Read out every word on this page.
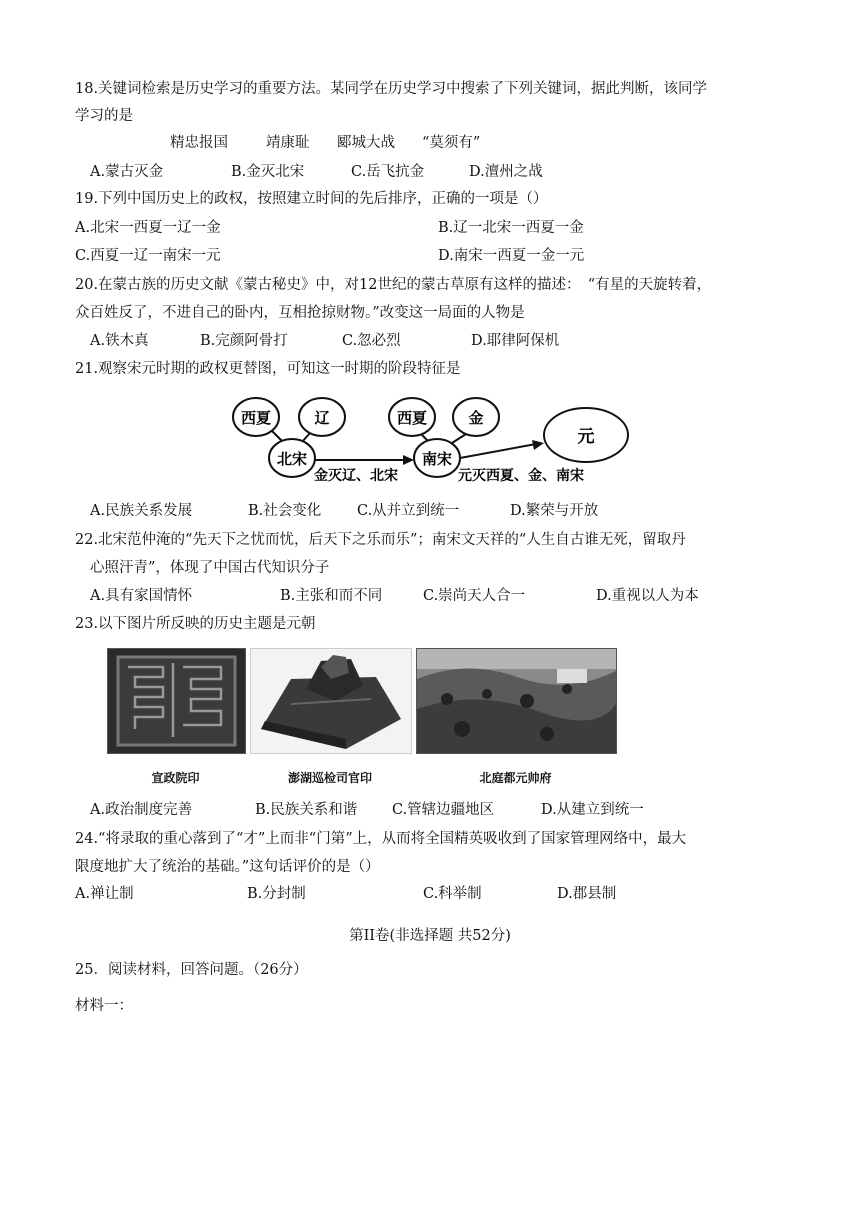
18.关键词检索是历史学习的重要方法。某同学在历史学习中搜索了下列关键词，据此判断，该同学
学习的是
精忠报国	靖康耻 郾城大战 “莫须有”
A.蒙古灭金	B.金灭北宋	C.岳飞抗金	D.澶州之战
19.下列中国历史上的政权，按照建立时间的先后排序，正确的一项是（）
A.北宋一西夏一辽一金	B.辽一北宋一西夏一金
C.西夏一辽一南宋一元	D.南宋一西夏一金一元
20.在蒙古族的历史文献《蒙古秘史》中，对12世纪的蒙古草原有这样的描述：　“有星的天旋转着，
众百姓反了，不进自己的卧内，互相抢掠财物。”改变这一局面的人物是
A.铁木真	B.完颜阿骨打	C.忽必烈	D.耶律阿保机
21.观察宋元时期的政权更替图，可知这一时期的阶段特征是
西夏	辽
北宋
西夏	金
南宋
元
金灭辽、北宋	元灭西夏、金、南宋
A.民族关系发展	B.社会变化 C.从并立到统一	D.繁荣与开放
22.北宋范仲淹的“先天下之忧而忧，后天下之乐而乐”；南宋文天祥的“人生自古谁无死，留取丹
心照汗青”，体现了中国古代知识分子
A.具有家国情怀	B.主张和而不同	C.崇尚天人合一	D.重视以人为本
23.以下图片所反映的历史主题是元朝
宣政院印	澎湖巡检司官印	北庭都元帅府
A.政治制度完善	B.民族关系和谐 C.管辖边疆地区	D.从建立到统一
24.“将录取的重心落到了“才”上而非“门第”上，从而将全国精英吸收到了国家管理网络中，最大
限度地扩大了统治的基础。”这句话评价的是（）
A.禅让制	B.分封制	C.科举制	D.郡县制
第II卷(非选择题 共52分)
25．阅读材料，回答问题。（26分）
材料一：
